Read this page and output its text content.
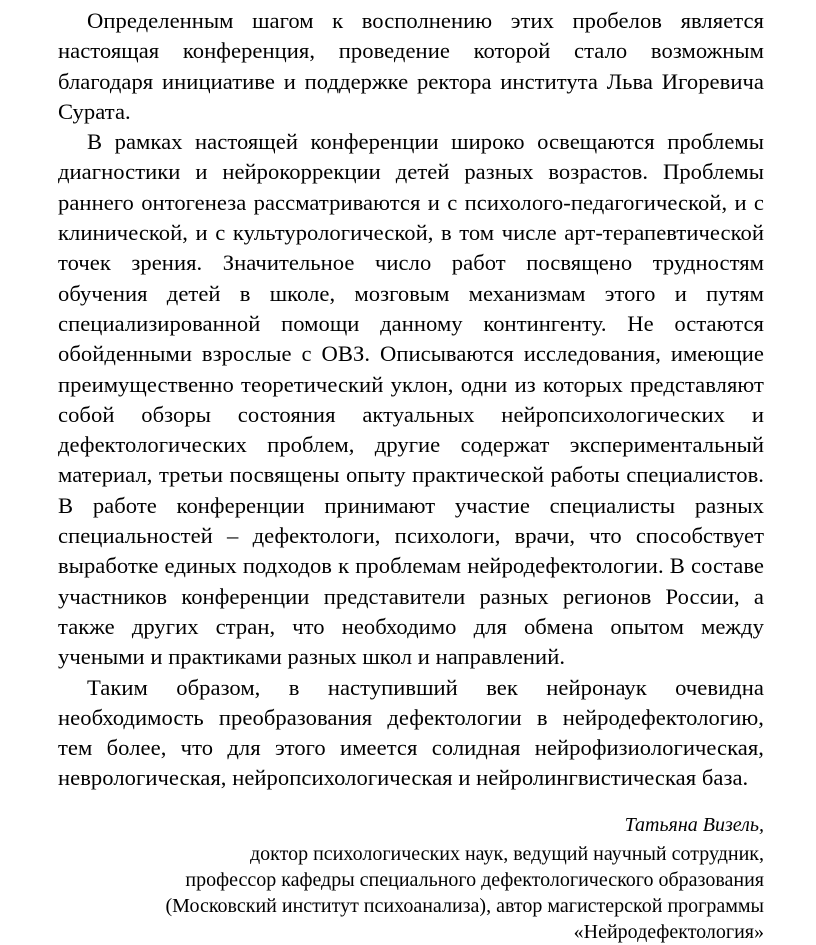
Определенным шагом к восполнению этих пробелов является настоящая конференция, проведение которой стало возможным благодаря инициативе и поддержке ректора института Льва Игоревича Сурата.

В рамках настоящей конференции широко освещаются проблемы диагностики и нейрокоррекции детей разных возрастов. Проблемы раннего онтогенеза рассматриваются и с психолого-педагогической, и с клинической, и с культурологической, в том числе арт-терапевтической точек зрения. Значительное число работ посвящено трудностям обучения детей в школе, мозговым механизмам этого и путям специализированной помощи данному контингенту. Не остаются обойденными взрослые с ОВЗ. Описываются исследования, имеющие преимущественно теоретический уклон, одни из которых представляют собой обзоры состояния актуальных нейропсихологических и дефектологических проблем, другие содержат экспериментальный материал, третьи посвящены опыту практической работы специалистов. В работе конференции принимают участие специалисты разных специальностей – дефектологи, психологи, врачи, что способствует выработке единых подходов к проблемам нейродефектологии. В составе участников конференции представители разных регионов России, а также других стран, что необходимо для обмена опытом между учеными и практиками разных школ и направлений.

Таким образом, в наступивший век нейронаук очевидна необходимость преобразования дефектологии в нейродефектологию, тем более, что для этого имеется солидная нейрофизиологическая, неврологическая, нейропсихологическая и нейролингвистическая база.

Татьяна Визель,
доктор психологических наук, ведущий научный сотрудник,
профессор кафедры специального дефектологического образования
(Московский институт психоанализа), автор магистерской программы
«Нейродефектология»
